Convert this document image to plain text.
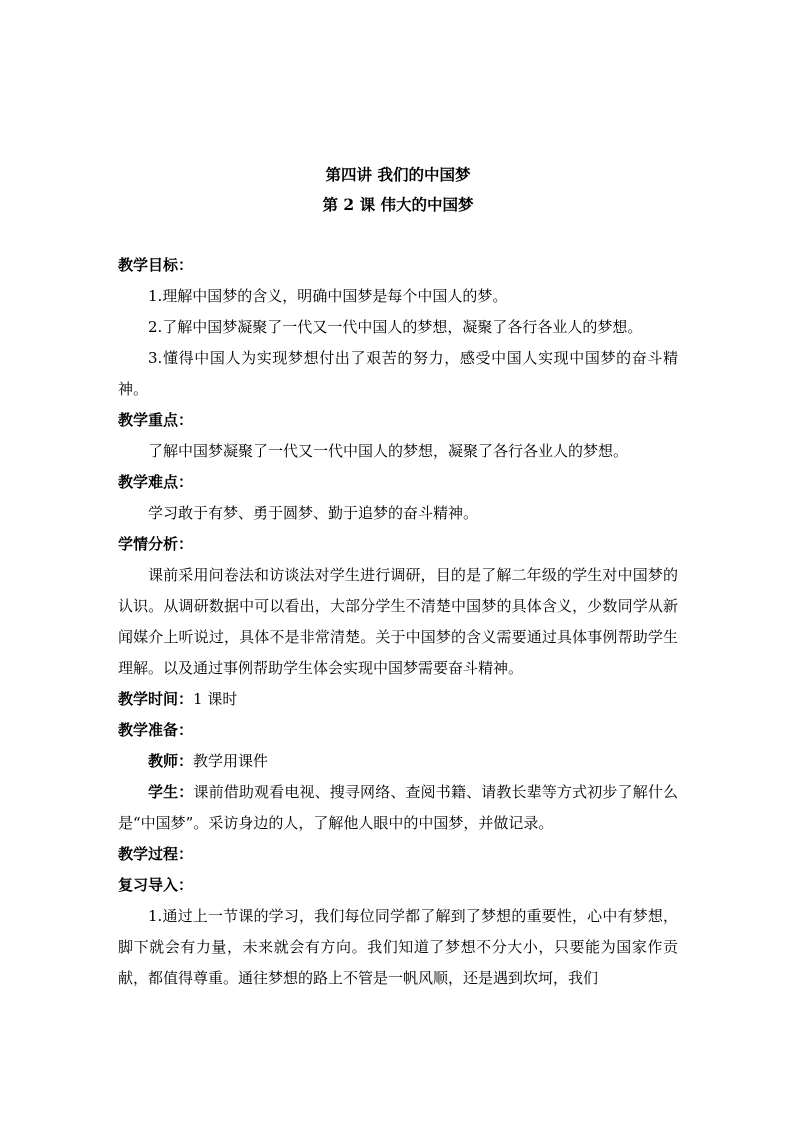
第四讲 我们的中国梦
第 2 课 伟大的中国梦
教学目标：
1.理解中国梦的含义，明确中国梦是每个中国人的梦。
2.了解中国梦凝聚了一代又一代中国人的梦想，凝聚了各行各业人的梦想。
3.懂得中国人为实现梦想付出了艰苦的努力，感受中国人实现中国梦的奋斗精神。
教学重点：
了解中国梦凝聚了一代又一代中国人的梦想，凝聚了各行各业人的梦想。
教学难点：
学习敢于有梦、勇于圆梦、勤于追梦的奋斗精神。
学情分析：
课前采用问卷法和访谈法对学生进行调研，目的是了解二年级的学生对中国梦的认识。从调研数据中可以看出，大部分学生不清楚中国梦的具体含义，少数同学从新闻媒介上听说过，具体不是非常清楚。关于中国梦的含义需要通过具体事例帮助学生理解。以及通过事例帮助学生体会实现中国梦需要奋斗精神。
教学时间：1 课时
教学准备：
教师：教学用课件
学生：课前借助观看电视、搜寻网络、查阅书籍、请教长辈等方式初步了解什么是“中国梦”。采访身边的人，了解他人眼中的中国梦，并做记录。
教学过程：
复习导入：
1.通过上一节课的学习，我们每位同学都了解到了梦想的重要性，心中有梦想，脚下就会有力量，未来就会有方向。我们知道了梦想不分大小，只要能为国家作贡献，都值得尊重。通往梦想的路上不管是一帆风顺，还是遇到坎坷，我们
